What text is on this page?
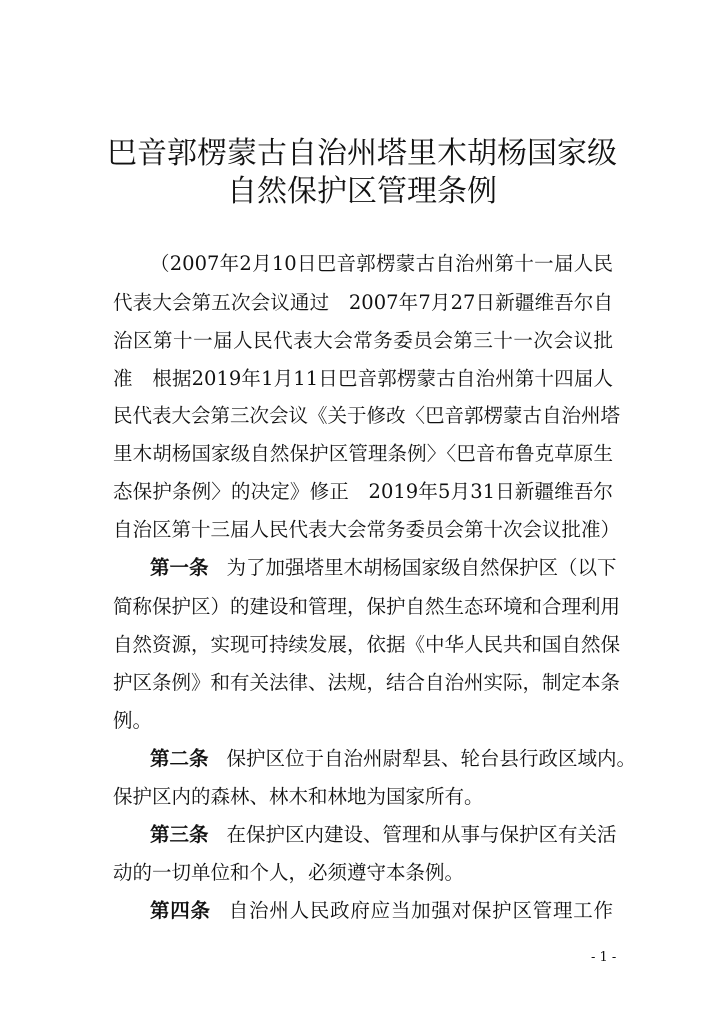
巴音郭楞蒙古自治州塔里木胡杨国家级
自然保护区管理条例
（2007年2月10日巴音郭楞蒙古自治州第十一届人民
代表大会第五次会议通过　2007年7月27日新疆维吾尔自
治区第十一届人民代表大会常务委员会第三十一次会议批
准　根据2019年1月11日巴音郭楞蒙古自治州第十四届人
民代表大会第三次会议《关于修改〈巴音郭楞蒙古自治州塔
里木胡杨国家级自然保护区管理条例〉〈巴音布鲁克草原生
态保护条例〉的决定》修正　2019年5月31日新疆维吾尔
自治区第十三届人民代表大会常务委员会第十次会议批准）
第一条 为了加强塔里木胡杨国家级自然保护区（以下
简称保护区）的建设和管理，保护自然生态环境和合理利用
自然资源，实现可持续发展，依据《中华人民共和国自然保
护区条例》和有关法律、法规，结合自治州实际，制定本条
例。
第二条 保护区位于自治州尉犁县、轮台县行政区域内。
保护区内的森林、林木和林地为国家所有。
第三条 在保护区内建设、管理和从事与保护区有关活
动的一切单位和个人，必须遵守本条例。
第四条 自治州人民政府应当加强对保护区管理工作
- 1 -
